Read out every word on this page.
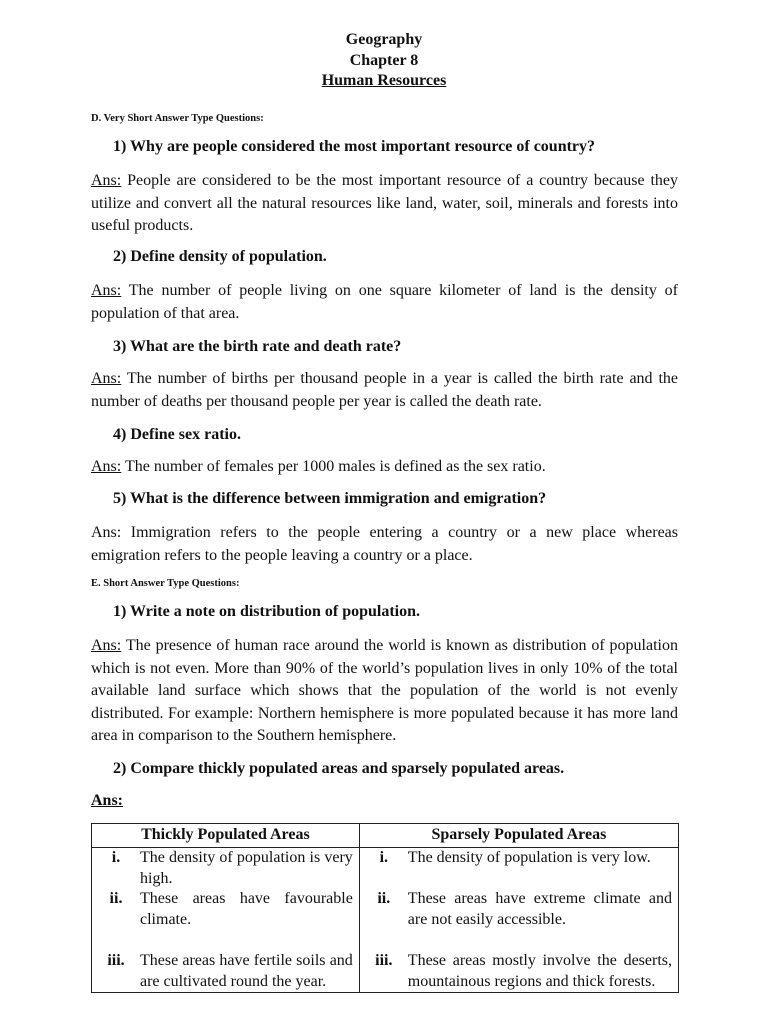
Geography
Chapter 8
Human Resources
D. Very Short Answer Type Questions:
1) Why are people considered the most important resource of country?
Ans: People are considered to be the most important resource of a country because they utilize and convert all the natural resources like land, water, soil, minerals and forests into useful products.
2) Define density of population.
Ans: The number of people living on one square kilometer of land is the density of population of that area.
3) What are the birth rate and death rate?
Ans: The number of births per thousand people in a year is called the birth rate and the number of deaths per thousand people per year is called the death rate.
4) Define sex ratio.
Ans: The number of females per 1000 males is defined as the sex ratio.
5) What is the difference between immigration and emigration?
Ans: Immigration refers to the people entering a country or a new place whereas emigration refers to the people leaving a country or a place.
E. Short Answer Type Questions:
1) Write a note on distribution of population.
Ans: The presence of human race around the world is known as distribution of population which is not even. More than 90% of the world’s population lives in only 10% of the total available land surface which shows that the population of the world is not evenly distributed. For example: Northern hemisphere is more populated because it has more land area in comparison to the Southern hemisphere.
2) Compare thickly populated areas and sparsely populated areas.
Ans:
Thickly Populated Areas		Sparsely Populated Areas	
i.	The density of population is very high.	i.	The density of population is very low.
ii.	These areas have favourable climate.	ii.	These areas have extreme climate and are not easily accessible.
iii.	These areas have fertile soils and are cultivated round the year.	iii.	These areas mostly involve the deserts, mountainous regions and thick forests.
